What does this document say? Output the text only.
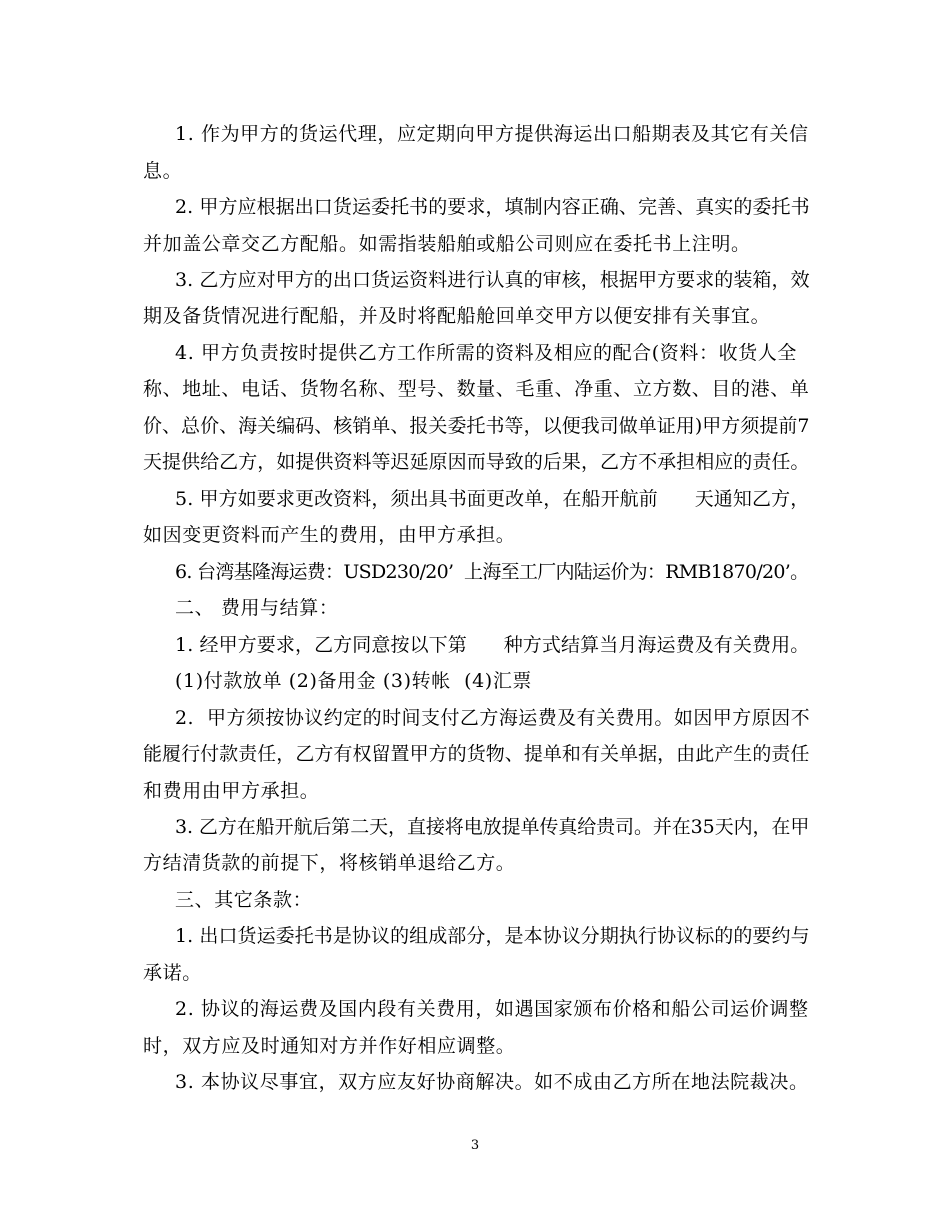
1. 作为甲方的货运代理，应定期向甲方提供海运出口船期表及其它有关信
息。
2. 甲方应根据出口货运委托书的要求，填制内容正确、完善、真实的委托书
并加盖公章交乙方配船。如需指装船舶或船公司则应在委托书上注明。
3. 乙方应对甲方的出口货运资料进行认真的审核，根据甲方要求的装箱，效
期及备货情况进行配船，并及时将配船舱回单交甲方以便安排有关事宜。
4. 甲方负责按时提供乙方工作所需的资料及相应的配合(资料：收货人全
称、地址、电话、货物名称、型号、数量、毛重、净重、立方数、目的港、单
价、总价、海关编码、核销单、报关委托书等，以便我司做单证用)甲方须提前7
天提供给乙方，如提供资料等迟延原因而导致的后果，乙方不承担相应的责任。
5. 甲方如要求更改资料，须出具书面更改单，在船开航前      天通知乙方，
如因变更资料而产生的费用，由甲方承担。
6. 台湾基隆海运费：USD230/20’  上海至工厂内陆运价为：RMB1870/20’。
二、 费用与结算：
1. 经甲方要求，乙方同意按以下第      种方式结算当月海运费及有关费用。
(1)付款放单 (2)备用金 (3)转帐  (4)汇票
2.  甲方须按协议约定的时间支付乙方海运费及有关费用。如因甲方原因不
能履行付款责任，乙方有权留置甲方的货物、提单和有关单据，由此产生的责任
和费用由甲方承担。
3. 乙方在船开航后第二天，直接将电放提单传真给贵司。并在35天内，在甲
方结清货款的前提下，将核销单退给乙方。
三、其它条款：
1. 出口货运委托书是协议的组成部分，是本协议分期执行协议标的的要约与
承诺。
2. 协议的海运费及国内段有关费用，如遇国家颁布价格和船公司运价调整
时，双方应及时通知对方并作好相应调整。
3. 本协议尽事宜，双方应友好协商解决。如不成由乙方所在地法院裁决。
3
